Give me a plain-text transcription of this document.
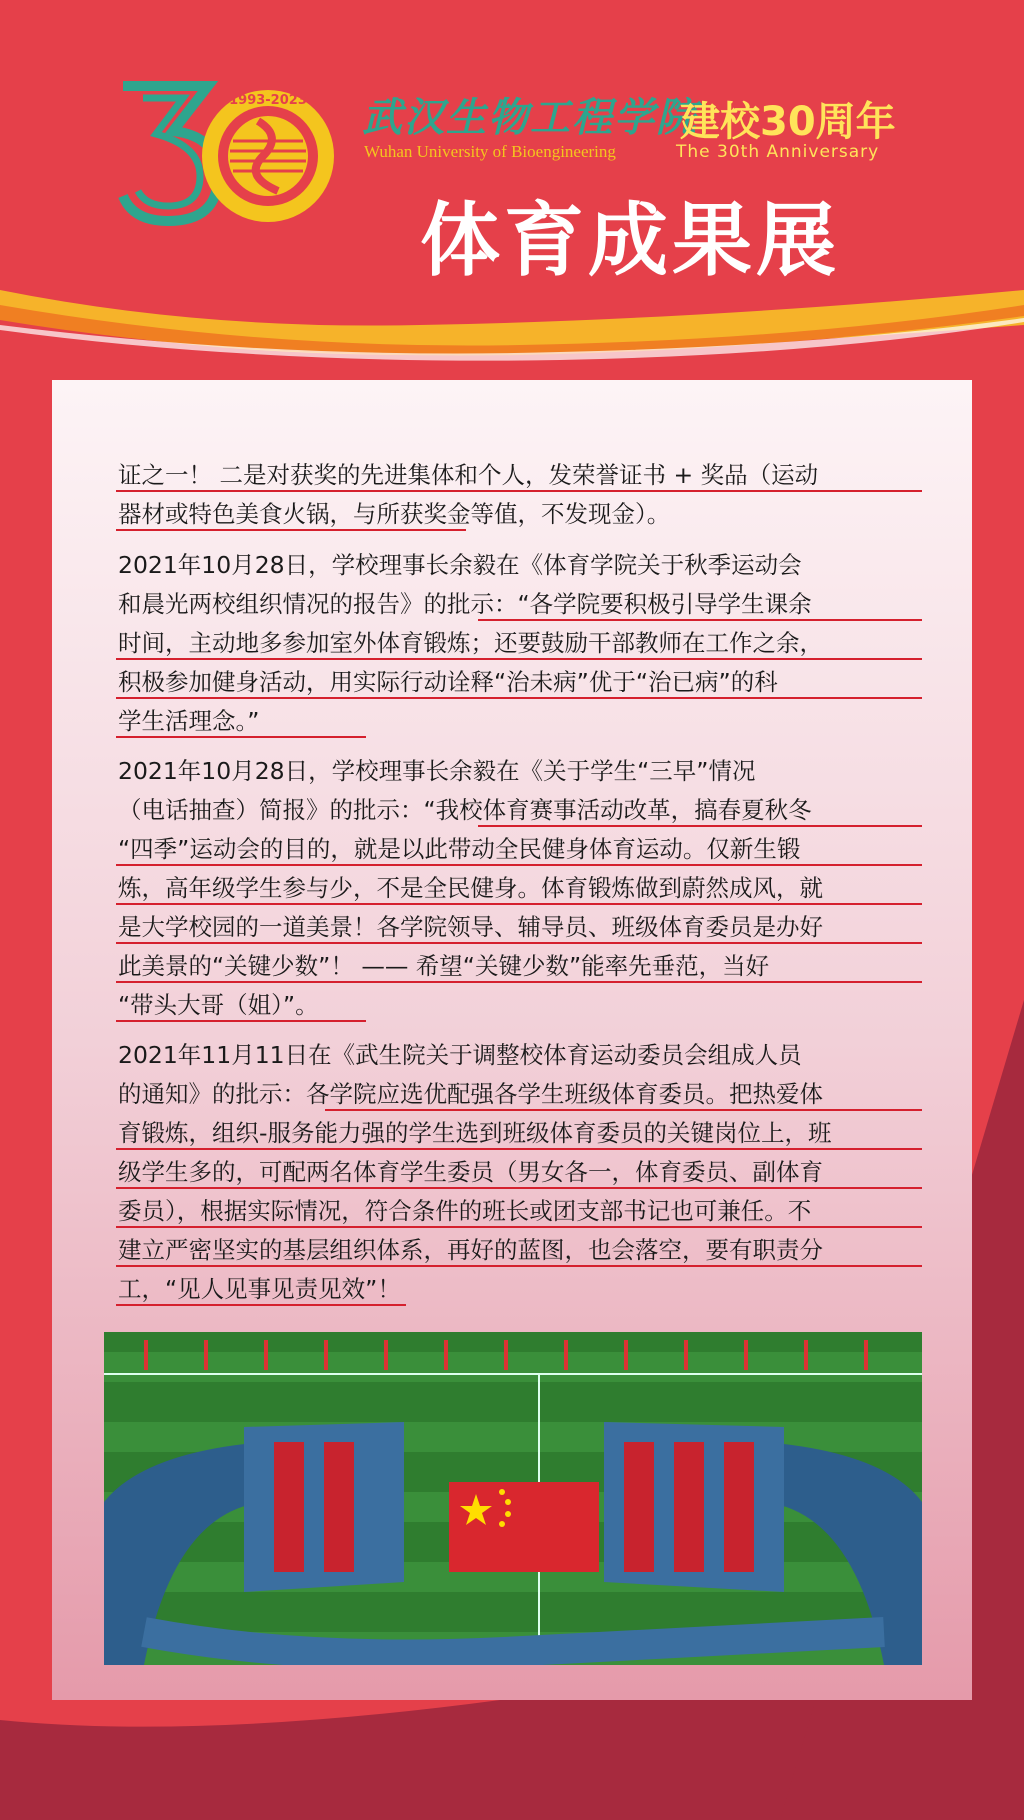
1993-2023 武汉生物工程学院
Wuhan University of Bioengineering
建校30周年
The 30th Anniversary
体育成果展
证之一！ 二是对获奖的先进集体和个人，发荣誉证书 + 奖品（运动
器材或特色美食火锅，与所获奖金等值，不发现金）。
2021年10月28日，学校理事长余毅在《体育学院关于秋季运动会
和晨光两校组织情况的报告》的批示：“各学院要积极引导学生课余
时间，主动地多参加室外体育锻炼；还要鼓励干部教师在工作之余，
积极参加健身活动，用实际行动诠释“治未病”优于“治已病”的科
学生活理念。”
2021年10月28日，学校理事长余毅在《关于学生“三早”情况
（电话抽查）简报》的批示：“我校体育赛事活动改革，搞春夏秋冬
“四季”运动会的目的，就是以此带动全民健身体育运动。仅新生锻
炼，高年级学生参与少，不是全民健身。体育锻炼做到蔚然成风，就
是大学校园的一道美景！各学院领导、辅导员、班级体育委员是办好
此美景的“关键少数”！ —— 希望“关键少数”能率先垂范，当好
“带头大哥（姐）”。
2021年11月11日在《武生院关于调整校体育运动委员会组成人员
的通知》的批示：各学院应选优配强各学生班级体育委员。把热爱体
育锻炼，组织-服务能力强的学生选到班级体育委员的关键岗位上，班
级学生多的，可配两名体育学生委员（男女各一，体育委员、副体育
委员），根据实际情况，符合条件的班长或团支部书记也可兼任。不
建立严密坚实的基层组织体系，再好的蓝图，也会落空，要有职责分
工，“见人见事见责见效”！
